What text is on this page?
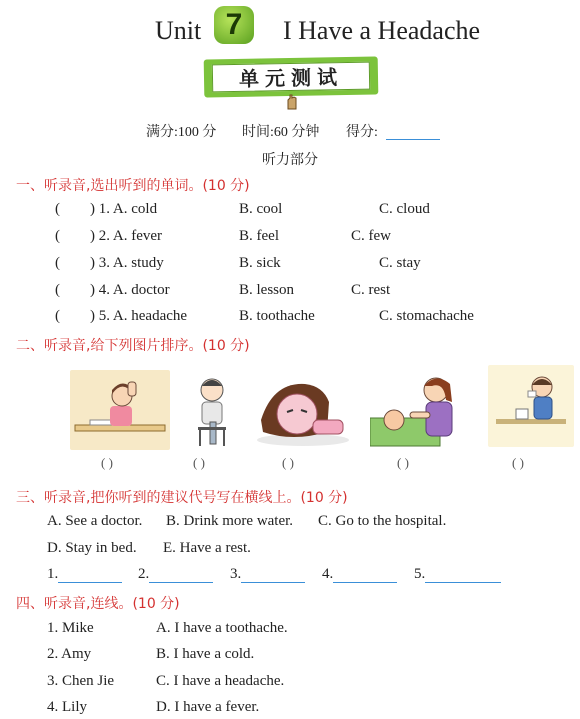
Unit 7	I Have a Headache
单元测试
满分:100 分 时间:60 分钟 得分:
听力部分
一、听录音,选出听到的单词。(10 分)
( ) 1. A. cold	B. cool	C. cloud
( ) 2. A. fever	B. feel	C. few
( ) 3. A. study	B. sick	C. stay
( ) 4. A. doctor	B. lesson	C. rest
( ) 5. A. headache	B. toothache	C. stomachache
二、听录音,给下列图片排序。(10 分)
( )	( )	( )	( )	( )
三、听录音,把你听到的建议代号写在横线上。(10 分)
A. See a doctor. B. Drink more water. C. Go to the hospital.
D. Stay in bed. E. Have a rest.
1.	2.	3.	4.	5.
四、听录音,连线。(10 分)
1. Mike	A. I have a toothache.
2. Amy	B. I have a cold.
3. Chen Jie	C. I have a headache.
4. Lily	D. I have a fever.
